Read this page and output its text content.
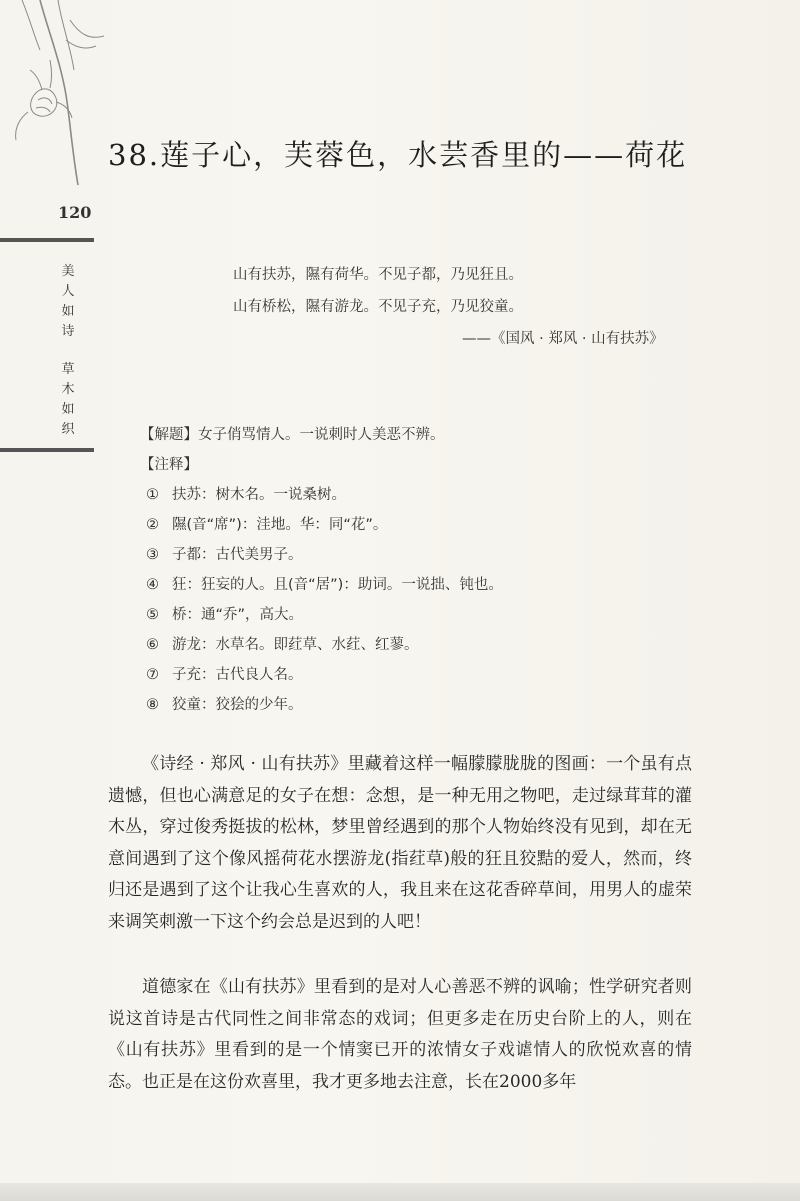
38.莲子心，芙蓉色，水芸香里的——荷花
120
美
人
如
诗
草
木
如
织
山有扶苏，隰有荷华。不见子都，乃见狂且。
山有桥松，隰有游龙。不见子充，乃见狡童。
——《国风 · 郑风 · 山有扶苏》
【解题】女子俏骂情人。一说刺时人美恶不辨。
【注释】
① 扶苏：树木名。一说桑树。
② 隰(音“席”)：洼地。华：同“花”。
③ 子都：古代美男子。
④ 狂：狂妄的人。且(音“居”)：助词。一说拙、钝也。
⑤ 桥：通“乔”，高大。
⑥ 游龙：水草名。即荭草、水荭、红蓼。
⑦ 子充：古代良人名。
⑧ 狡童：狡狯的少年。

《诗经 · 郑风 · 山有扶苏》里藏着这样一幅朦朦胧胧的图画：一个虽有点遗憾，但也心满意足的女子在想：念想，是一种无用之物吧，走过绿茸茸的灌木丛，穿过俊秀挺拔的松林，梦里曾经遇到的那个人物始终没有见到，却在无意间遇到了这个像风摇荷花水摆游龙(指荭草)般的狂且狡黠的爱人，然而，终归还是遇到了这个让我心生喜欢的人，我且来在这花香碎草间，用男人的虚荣来调笑刺激一下这个约会总是迟到的人吧！

道德家在《山有扶苏》里看到的是对人心善恶不辨的讽喻；性学研究者则说这首诗是古代同性之间非常态的戏词；但更多走在历史台阶上的人，则在《山有扶苏》里看到的是一个情窦已开的浓情女子戏谑情人的欣悦欢喜的情态。也正是在这份欢喜里，我才更多地去注意，长在2000多年
